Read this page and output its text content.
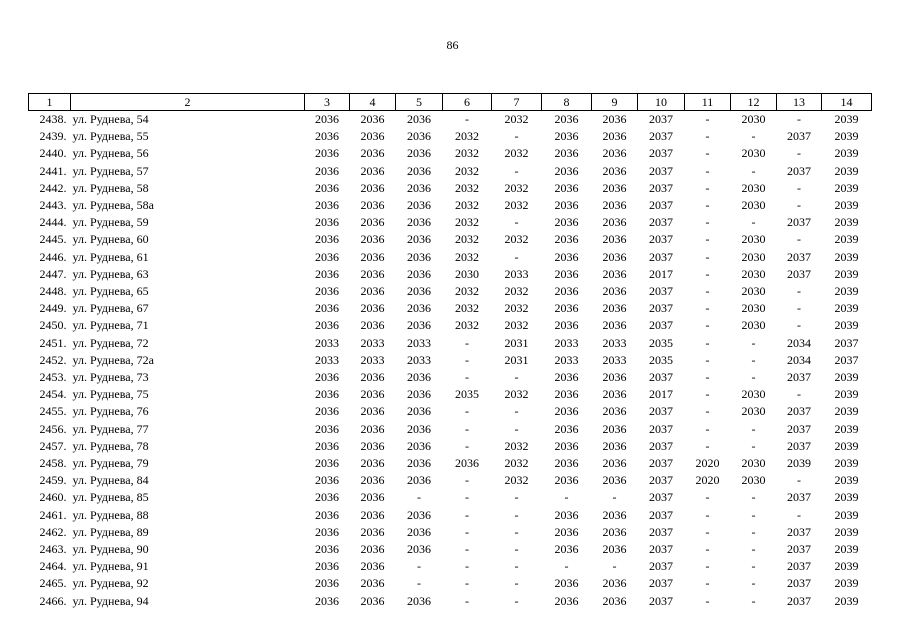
86
1	2	3	4	5	6	7	8	9	10	11	12	13	14
2438.	ул. Руднева, 54	2036	2036	2036	-	2032	2036	2036	2037	-	2030	-	2039
2439.	ул. Руднева, 55	2036	2036	2036	2032	-	2036	2036	2037	-	-	2037	2039
2440.	ул. Руднева, 56	2036	2036	2036	2032	2032	2036	2036	2037	-	2030	-	2039
2441.	ул. Руднева, 57	2036	2036	2036	2032	-	2036	2036	2037	-	-	2037	2039
2442.	ул. Руднева, 58	2036	2036	2036	2032	2032	2036	2036	2037	-	2030	-	2039
2443.	ул. Руднева, 58а	2036	2036	2036	2032	2032	2036	2036	2037	-	2030	-	2039
2444.	ул. Руднева, 59	2036	2036	2036	2032	-	2036	2036	2037	-	-	2037	2039
2445.	ул. Руднева, 60	2036	2036	2036	2032	2032	2036	2036	2037	-	2030	-	2039
2446.	ул. Руднева, 61	2036	2036	2036	2032	-	2036	2036	2037	-	2030	2037	2039
2447.	ул. Руднева, 63	2036	2036	2036	2030	2033	2036	2036	2017	-	2030	2037	2039
2448.	ул. Руднева, 65	2036	2036	2036	2032	2032	2036	2036	2037	-	2030	-	2039
2449.	ул. Руднева, 67	2036	2036	2036	2032	2032	2036	2036	2037	-	2030	-	2039
2450.	ул. Руднева, 71	2036	2036	2036	2032	2032	2036	2036	2037	-	2030	-	2039
2451.	ул. Руднева, 72	2033	2033	2033	-	2031	2033	2033	2035	-	-	2034	2037
2452.	ул. Руднева, 72а	2033	2033	2033	-	2031	2033	2033	2035	-	-	2034	2037
2453.	ул. Руднева, 73	2036	2036	2036	-	-	2036	2036	2037	-	-	2037	2039
2454.	ул. Руднева, 75	2036	2036	2036	2035	2032	2036	2036	2017	-	2030	-	2039
2455.	ул. Руднева, 76	2036	2036	2036	-	-	2036	2036	2037	-	2030	2037	2039
2456.	ул. Руднева, 77	2036	2036	2036	-	-	2036	2036	2037	-	-	2037	2039
2457.	ул. Руднева, 78	2036	2036	2036	-	2032	2036	2036	2037	-	-	2037	2039
2458.	ул. Руднева, 79	2036	2036	2036	2036	2032	2036	2036	2037	2020	2030	2039	2039
2459.	ул. Руднева, 84	2036	2036	2036	-	2032	2036	2036	2037	2020	2030	-	2039
2460.	ул. Руднева, 85	2036	2036	-	-	-	-	-	2037	-	-	2037	2039
2461.	ул. Руднева, 88	2036	2036	2036	-	-	2036	2036	2037	-	-	-	2039
2462.	ул. Руднева, 89	2036	2036	2036	-	-	2036	2036	2037	-	-	2037	2039
2463.	ул. Руднева, 90	2036	2036	2036	-	-	2036	2036	2037	-	-	2037	2039
2464.	ул. Руднева, 91	2036	2036	-	-	-	-	-	2037	-	-	2037	2039
2465.	ул. Руднева, 92	2036	2036	-	-	-	2036	2036	2037	-	-	2037	2039
2466.	ул. Руднева, 94	2036	2036	2036	-	-	2036	2036	2037	-	-	2037	2039
